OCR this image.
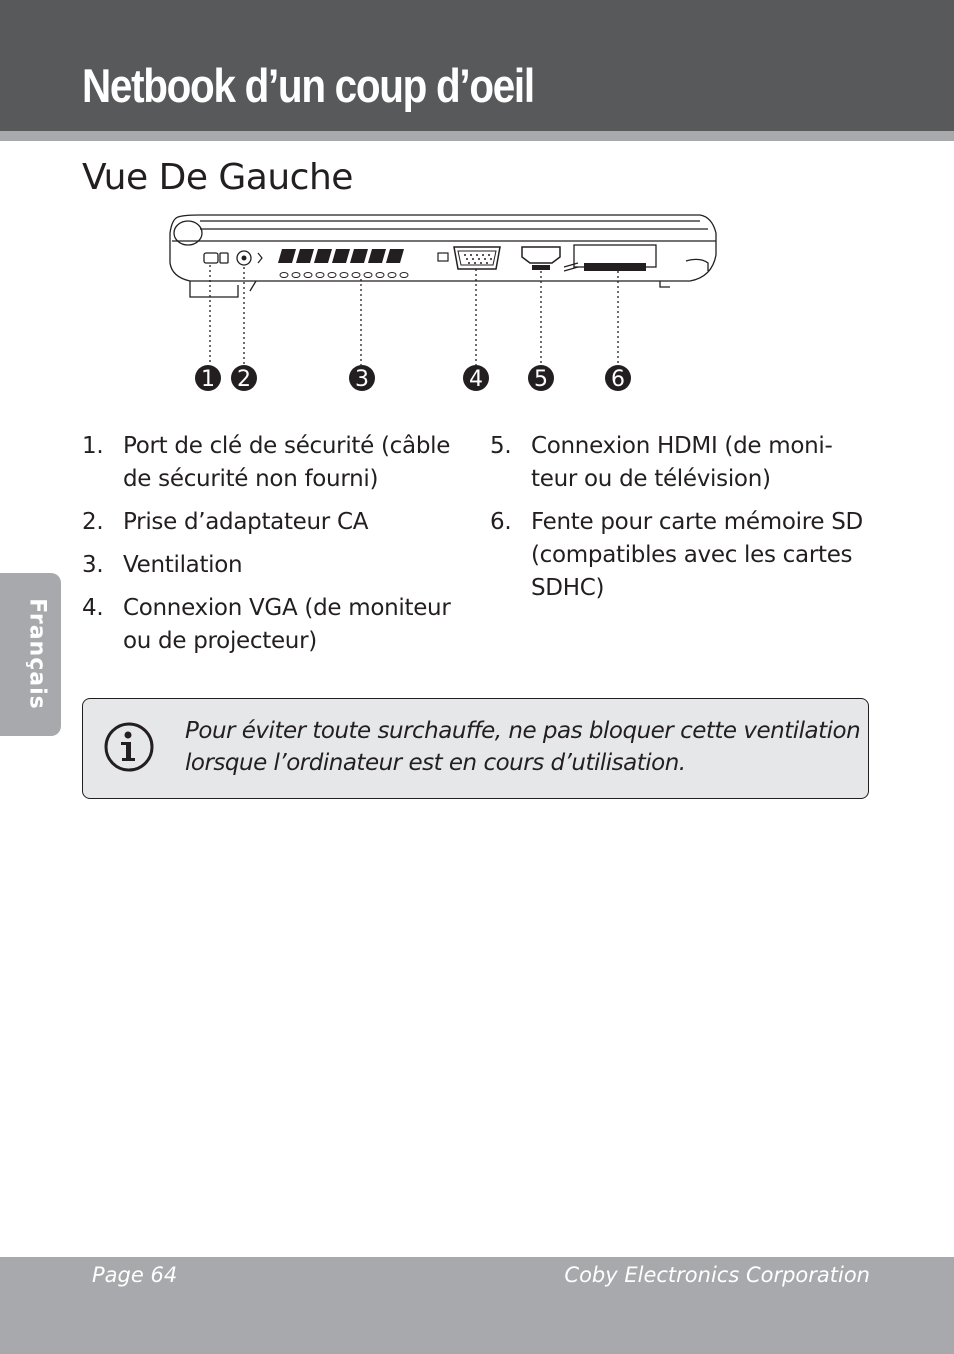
Netbook d’un coup d’oeil
Vue De Gauche
Français
1 2	3	4 5	6
1. Port de clé de sécurité (câble
de sécurité non fourni)
2. Prise d’adaptateur CA
3. Ventilation
4. Connexion VGA (de moniteur
ou de projecteur)
5. Connexion HDMI (de moni-
teur ou de télévision)
6. Fente pour carte mémoire SD
(compatibles avec les cartes
SDHC)
Pour éviter toute surchauffe, ne pas bloquer cette ventilation
lorsque l’ordinateur est en cours d’utilisation.
Page 64	Coby Electronics Corporation
